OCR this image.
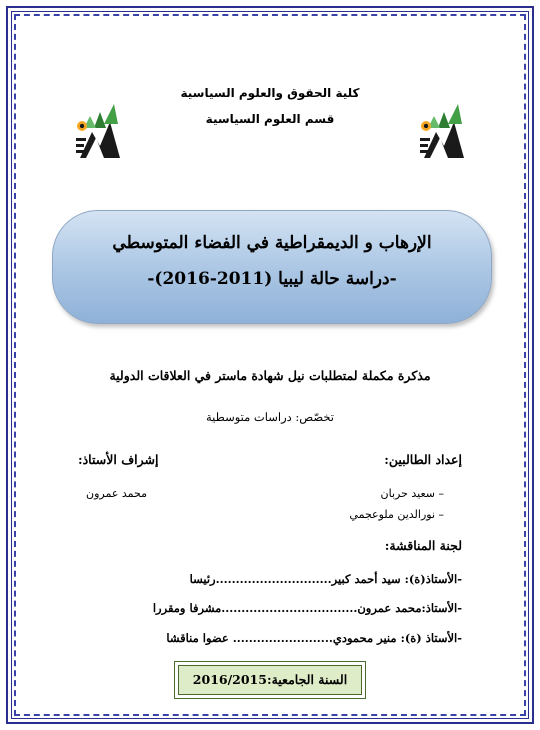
كلية الحقوق والعلوم السياسية
قسم العلوم السياسية
الإرهاب و الديمقراطية في الفضاء المتوسطي
-دراسة حالة ليبيا (2011-2016)-
مذكرة مكملة لمتطلبات نيل شهادة ماستر في العلاقات الدولية
تخصّص: دراسات متوسطية
إعداد الطالبين:
إشراف الأستاذ:
– سعيد حربان
– نورالدين ملوعجمي
محمد عمرون
لجنة المناقشة:
-الأستاذ(ة): سيد أحمد كبير.............................رئيسا
-الأستاذ:محمد عمرون..................................مشرفا ومقررا
-الأستاذ (ة): منير محمودي......................... عضوا مناقشا
السنة الجامعية:2016/2015
